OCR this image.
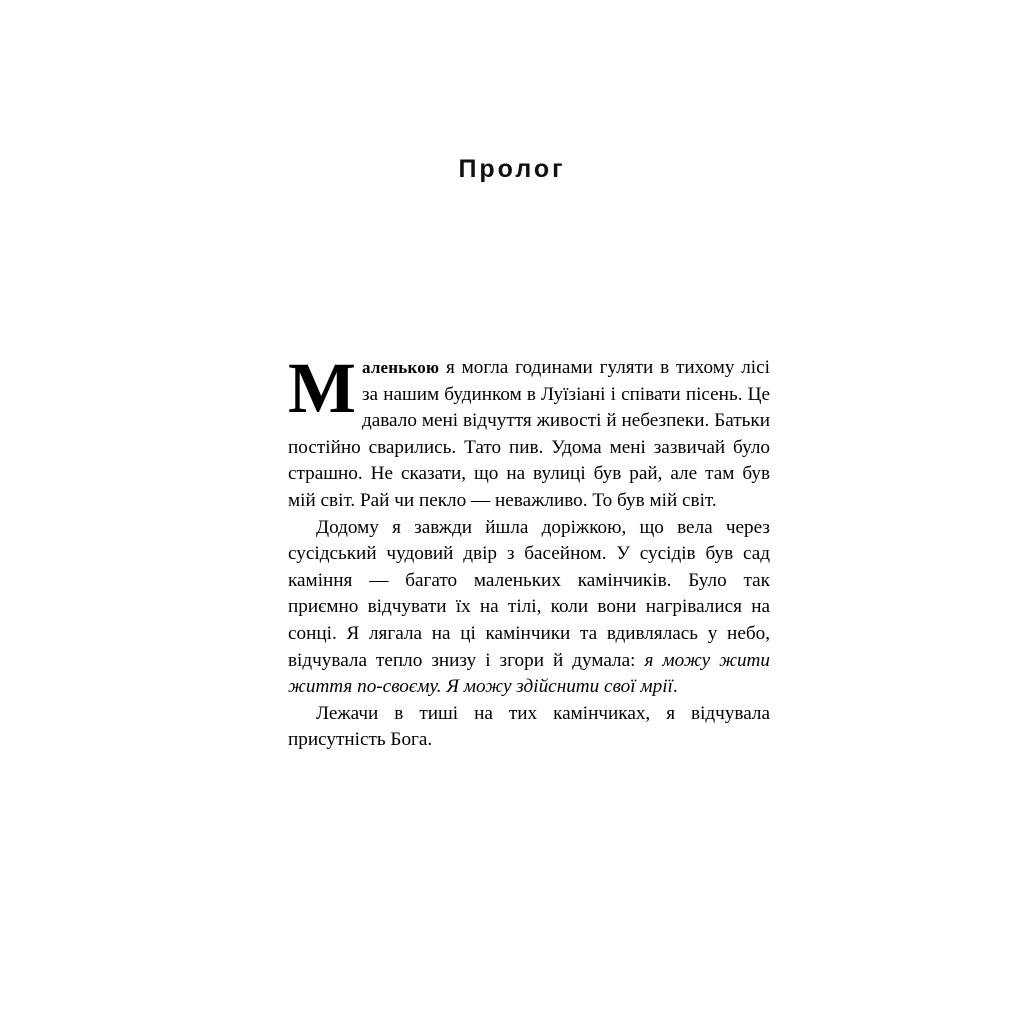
Пролог

Маленькою я могла годинами гуляти в тихому лісі за нашим будинком в Луїзіані і співати пісень. Це давало мені відчуття живості й небезпеки. Батьки постійно сварились. Тато пив. Удома мені зазвичай було страшно. Не сказати, що на вулиці був рай, але там був мій світ. Рай чи пекло — неважливо. То був мій світ.

Додому я завжди йшла доріжкою, що вела через сусідський чудовий двір з басейном. У сусідів був сад каміння — багато маленьких камінчиків. Було так приємно відчувати їх на тілі, коли вони нагрівалися на сонці. Я лягала на ці камінчики та вдивлялась у небо, відчувала тепло знизу і згори й думала: я можу жити життя по-своєму. Я можу здійснити свої мрії.

Лежачи в тиші на тих камінчиках, я відчувала присутність Бога.
